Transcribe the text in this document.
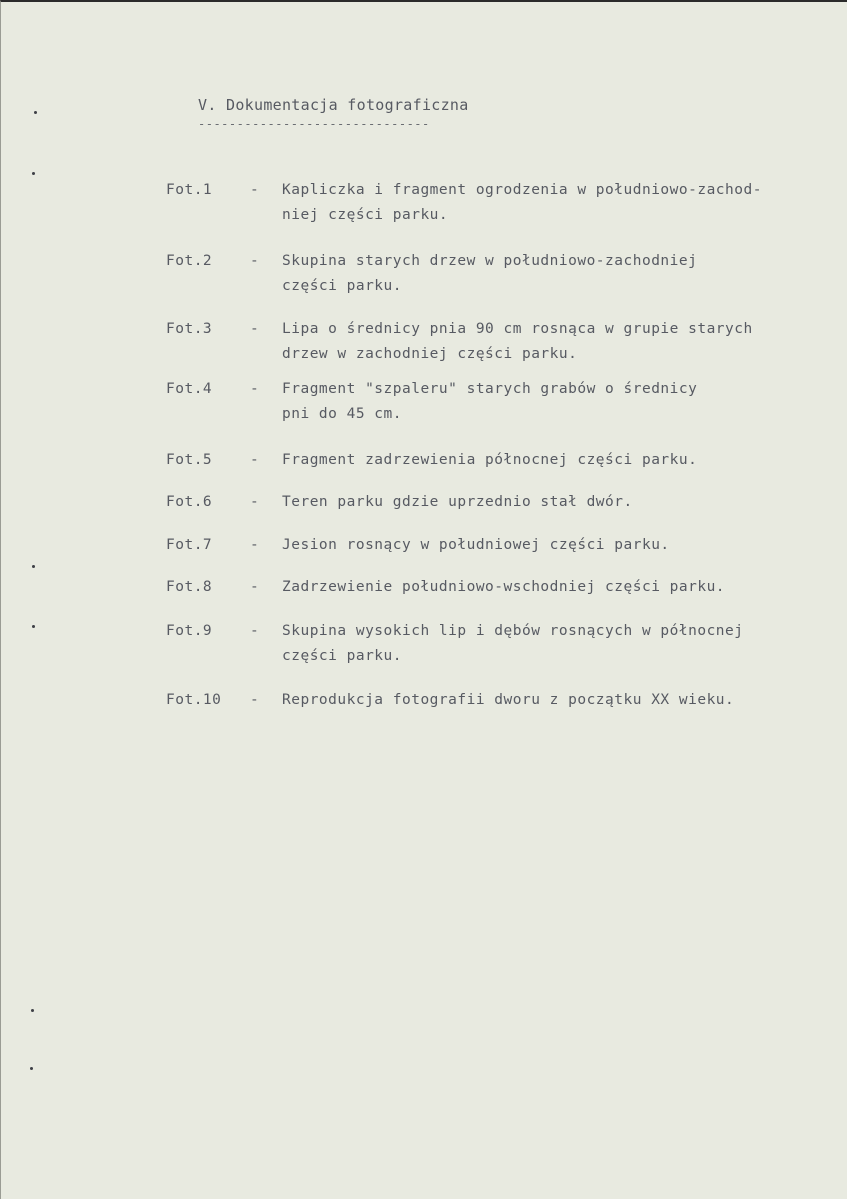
V. Dokumentacja fotograficzna
------------------------------
Fot.1	- Kapliczka i fragment ogrodzenia w południowo-zachod-
niej części parku.
Fot.2	- Skupina starych drzew w południowo-zachodniej
części parku.
Fot.3	- Lipa o średnicy pnia 90 cm rosnąca w grupie starych
drzew w zachodniej części parku.
Fot.4	- Fragment "szpaleru" starych grabów o średnicy
pni do 45 cm.
Fot.5	- Fragment zadrzewienia północnej części parku.
Fot.6	- Teren parku gdzie uprzednio stał dwór.
Fot.7	- Jesion rosnący w południowej części parku.
Fot.8	- Zadrzewienie południowo-wschodniej części parku.
Fot.9	- Skupina wysokich lip i dębów rosnących w północnej
części parku.
Fot.10 - Reprodukcja fotografii dworu z początku XX wieku.
